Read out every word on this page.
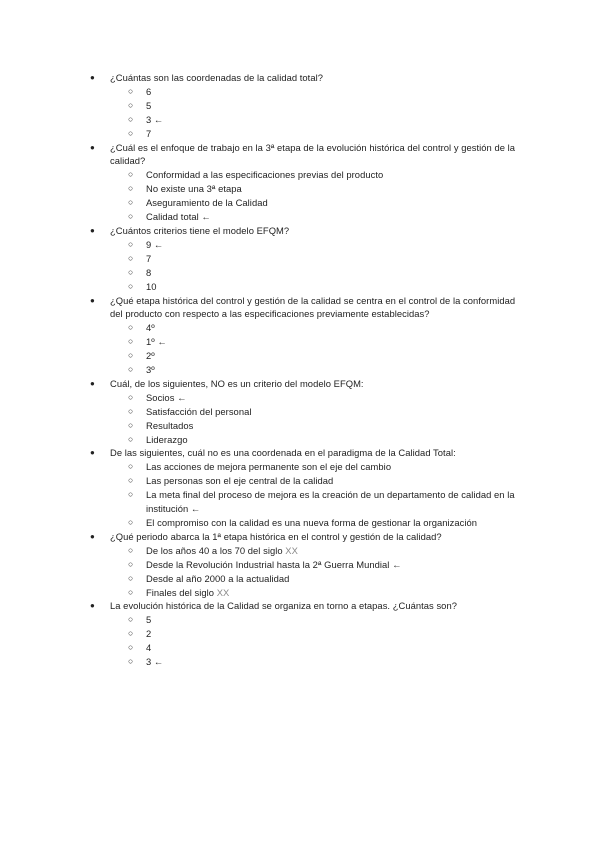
●	¿Cuántas son las coordenadas de la calidad total?
○	6
○	5
○	3 ←
○	7
●	¿Cuál es el enfoque de trabajo en la 3ª etapa de la evolución histórica del control y gestión de la calidad?
○	Conformidad a las especificaciones previas del producto
○	No existe una 3ª etapa
○	Aseguramiento de la Calidad
○	Calidad total ←
●	¿Cuántos criterios tiene el modelo EFQM?
○	9 ←
○	7
○	8
○	10
●	¿Qué etapa histórica del control y gestión de la calidad se centra en el control de la conformidad del producto con respecto a las especificaciones previamente establecidas?
○	4º
○	1º ←
○	2º
○	3º
●	Cuál, de los siguientes, NO es un criterio del modelo EFQM:
○	Socios ←
○	Satisfacción del personal
○	Resultados
○	Liderazgo
●	De las siguientes, cuál no es una coordenada en el paradigma de la Calidad Total:
○	Las acciones de mejora permanente son el eje del cambio
○	Las personas son el eje central de la calidad
○	La meta final del proceso de mejora es la creación de un departamento de calidad en la institución ←
○	El compromiso con la calidad es una nueva forma de gestionar la organización
●	¿Qué periodo abarca la 1ª etapa histórica en el control y gestión de la calidad?
○	De los años 40 a los 70 del siglo XX
○	Desde la Revolución Industrial hasta la 2ª Guerra Mundial ←
○	Desde al año 2000 a la actualidad
○	Finales del siglo XX
●	La evolución histórica de la Calidad se organiza en torno a etapas. ¿Cuántas son?
○	5
○	2
○	4
○	3 ←
